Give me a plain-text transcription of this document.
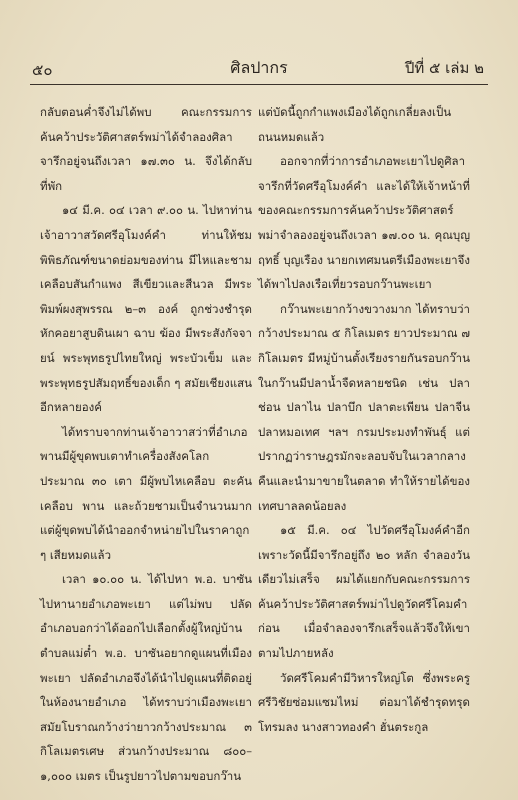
๕๐	ศิลปากร	ปีที่ ๕ เล่ม ๒

กลับตอนค่ำจึงไม่ได้พบ คณะกรรมการค้นคว้าประวัติศาสตร์พม่าได้จำลองศิลาจารึกอยู่จนถึงเวลา ๑๗.๓๐ น. จึงได้กลับที่พัก

๑๔ มี.ค. ๐๔ เวลา ๙.๐๐ น. ไปหาท่านเจ้าอาวาสวัดศรีอุโมงค์คำ ท่านให้ชมพิพิธภัณฑ์ขนาดย่อมของท่าน มีไหและชามเคลือบสันกำแพง สีเขียวและสีนวล มีพระพิมพ์ผงสุพรรณ ๒–๓ องค์ ถูกช่วงชำรุด หักคอยาสูบดินเผา ฉาบ ฆ้อง มีพระสังกัจจายน์ พระพุทธรูปไทยใหญ่ พระบัวเข็ม และพระพุทธรูปสัมฤทธิ์ของเด็ก ๆ สมัยเชียงแสนอีกหลายองค์

ได้ทราบจากท่านเจ้าอาวาสว่าที่อำเภอพานมีผู้ขุดพบเตาทำเครื่องสังคโลก ประมาณ ๓๐ เตา มีผู้พบไหเคลือบ ตะคันเคลือบ พาน และถ้วยชามเป็นจำนวนมาก แต่ผู้ขุดพบได้นำออกจำหน่ายไปในราคาถูก ๆ เสียหมดแล้ว

เวลา ๑๐.๐๐ น. ได้ไปหา พ.อ. บาซันไปหานายอำเภอพะเยา แต่ไม่พบ ปลัดอำเภอบอกว่าได้ออกไปเลือกตั้งผู้ใหญ่บ้านตำบลแม่ต๋ำ พ.อ. บาซันอยากดูแผนที่เมืองพะเยา ปลัดอำเภอจึงได้นำไปดูแผนที่ติดอยู่ในห้องนายอำเภอ ได้ทราบว่าเมืองพะเยาสมัยโบราณกว้างว่ายาวกว้างประมาณ ๓ กิโลเมตรเศษ ส่วนกว้างประมาณ ๘๐๐–๑,๐๐๐ เมตร เป็นรูปยาวไปตามขอบกว๊าน

แต่บัดนี้ถูกกำแพงเมืองได้ถูกเกลี่ยลงเป็นถนนหมดแล้ว

ออกจากที่ว่าการอำเภอพะเยาไปดูศิลาจารึกที่วัดศรีอุโมงค์คำ และได้ให้เจ้าหน้าที่ของคณะกรรมการค้นคว้าประวัติศาสตร์พม่าจำลองอยู่จนถึงเวลา ๑๗.๐๐ น. คุณบุญฤทธิ์ บุญเรือง นายกเทศมนตรีเมืองพะเยาจึงได้พาไปลงเรือเที่ยวรอบกว๊านพะเยา

กว๊านพะเยากว้างขวางมาก ได้ทราบว่ากว้างประมาณ ๕ กิโลเมตร ยาวประมาณ ๗ กิโลเมตร มีหมู่บ้านตั้งเรียงรายกันรอบกว๊าน ในกว๊านมีปลาน้ำจืดหลายชนิด เช่น ปลาช่อน ปลาไน ปลาบึก ปลาตะเพียน ปลาจีน ปลาหมอเทศ ฯลฯ กรมประมงทำพันธุ์ แต่ปรากฏว่าราษฎรมักจะลอบจับในเวลากลางคืนและนำมาขายในตลาด ทำให้รายได้ของเทศบาลลดน้อยลง

๑๕ มี.ค. ๐๔ ไปวัดศรีอุโมงค์คำอีก เพราะวัดนี้มีจารึกอยู่ถึง ๒๐ หลัก จำลองวันเดียวไม่เสร็จ ผมได้แยกกับคณะกรรมการค้นคว้าประวัติศาสตร์พม่าไปดูวัดศรีโคมคำก่อน เมื่อจำลองจารึกเสร็จแล้วจึงให้เขาตามไปภายหลัง

วัดศรีโคมคำมีวิหารใหญ่โต ซึ่งพระครูศรีวิชัยซ่อมแซมไหม่ ต่อมาได้ชำรุดทรุดโทรมลง นางสาวทองคำ ฮั่นตระกูล
